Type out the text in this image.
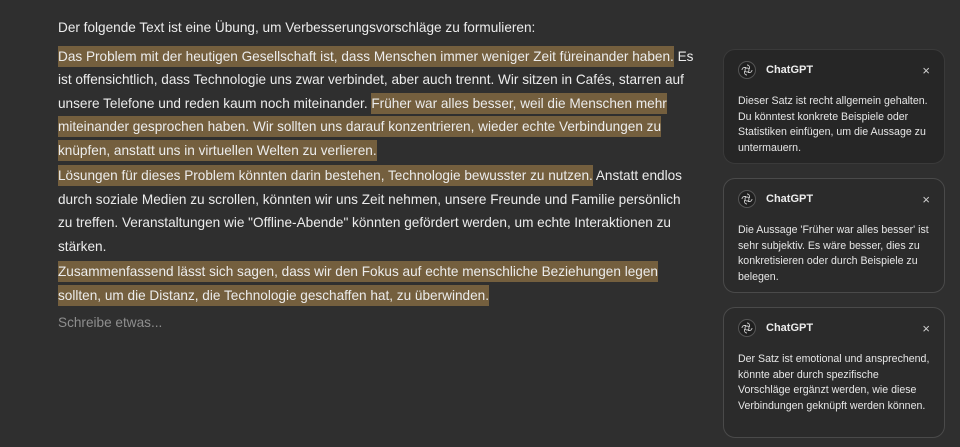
Der folgende Text ist eine Übung, um Verbesserungsvorschläge zu formulieren:

Das Problem mit der heutigen Gesellschaft ist, dass Menschen immer weniger Zeit füreinander haben. Es ist offensichtlich, dass Technologie uns zwar verbindet, aber auch trennt. Wir sitzen in Cafés, starren auf unsere Telefone und reden kaum noch miteinander. Früher war alles besser, weil die Menschen mehr miteinander gesprochen haben. Wir sollten uns darauf konzentrieren, wieder echte Verbindungen zu knüpfen, anstatt uns in virtuellen Welten zu verlieren.

Lösungen für dieses Problem könnten darin bestehen, Technologie bewusster zu nutzen. Anstatt endlos durch soziale Medien zu scrollen, könnten wir uns Zeit nehmen, unsere Freunde und Familie persönlich zu treffen. Veranstaltungen wie "Offline-Abende" könnten gefördert werden, um echte Interaktionen zu stärken.

Zusammenfassend lässt sich sagen, dass wir den Fokus auf echte menschliche Beziehungen legen sollten, um die Distanz, die Technologie geschaffen hat, zu überwinden.

Schreibe etwas...

ChatGPT	×
Dieser Satz ist recht allgemein gehalten. Du könntest konkrete Beispiele oder Statistiken einfügen, um die Aussage zu untermauern.
ChatGPT	×
Die Aussage 'Früher war alles besser' ist sehr subjektiv. Es wäre besser, dies zu konkretisieren oder durch Beispiele zu belegen.
ChatGPT	×
Der Satz ist emotional und ansprechend, könnte aber durch spezifische Vorschläge ergänzt werden, wie diese Verbindungen geknüpft werden können.
